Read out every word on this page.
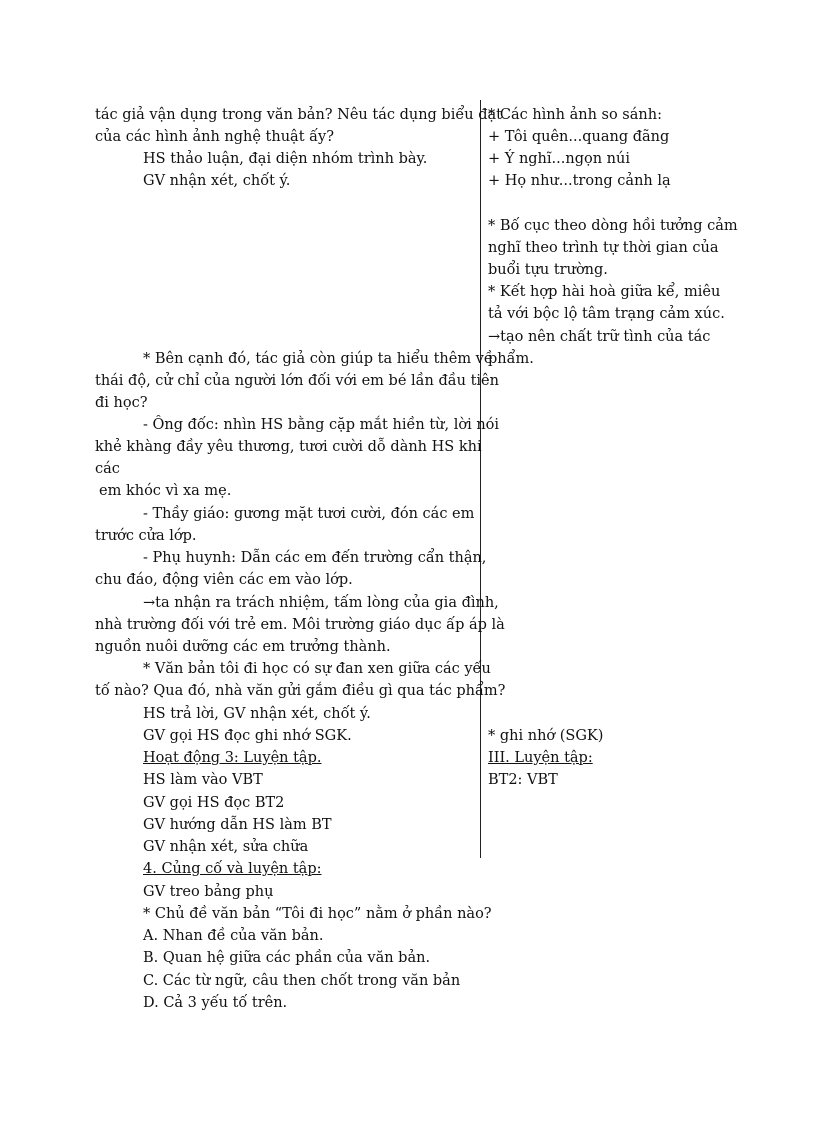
tác giả vận dụng trong văn bản? Nêu tác dụng biểu đạt
của các hình ảnh nghệ thuật ấy?
HS thảo luận, đại diện nhóm trình bày.
GV nhận xét, chốt ý.
* Bên cạnh đó, tác giả còn giúp ta hiểu thêm về
thái độ, cử chỉ của người lớn đối với em bé lần đầu tiên
đi học?
- Ông đốc: nhìn HS bằng cặp mắt hiền từ, lời nói
khẻ khàng đầy yêu thương, tươi cười dỗ dành HS khi
các
em khóc vì xa mẹ.
- Thầy giáo: gương mặt tươi cười, đón các em
trước cửa lớp.
- Phụ huynh: Dẫn các em đến trường cẩn thận,
chu đáo, động viên các em vào lớp.
→ta nhận ra trách nhiệm, tấm lòng của gia đình,
nhà trường đối với trẻ em. Môi trường giáo dục ấp áp là
nguồn nuôi dưỡng các em trưởng thành.
* Văn bản tôi đi học có sự đan xen giữa các yếu
tố nào? Qua đó, nhà văn gửi gắm điều gì qua tác phẩm?
HS trả lời, GV nhận xét, chốt ý.
GV gọi HS đọc ghi nhớ SGK.
Hoạt động 3: Luyện tập.
HS làm vào VBT
GV gọi HS đọc BT2
GV hướng dẫn HS làm BT
GV nhận xét, sửa chữa
4. Củng cố và luyện tập:
GV treo bảng phụ
* Chủ đề văn bản “Tôi đi học” nằm ở phần nào?
A. Nhan đề của văn bản.
B. Quan hệ giữa các phần của văn bản.
C. Các từ ngữ, câu then chốt trong văn bản
D. Cả 3 yếu tố trên.
* Các hình ảnh so sánh:
+ Tôi quên...quang đãng
+ Ý nghĩ...ngọn núi
+ Họ như...trong cảnh lạ
* Bố cục theo dòng hồi tưởng cảm
nghĩ theo trình tự thời gian của
buổi tựu trường.
* Kết hợp hài hoà giữa kể, miêu
tả với bộc lộ tâm trạng cảm xúc.
→tạo nên chất trữ tình của tác
phẩm.
* ghi nhớ (SGK)
III. Luyện tập:
BT2: VBT
